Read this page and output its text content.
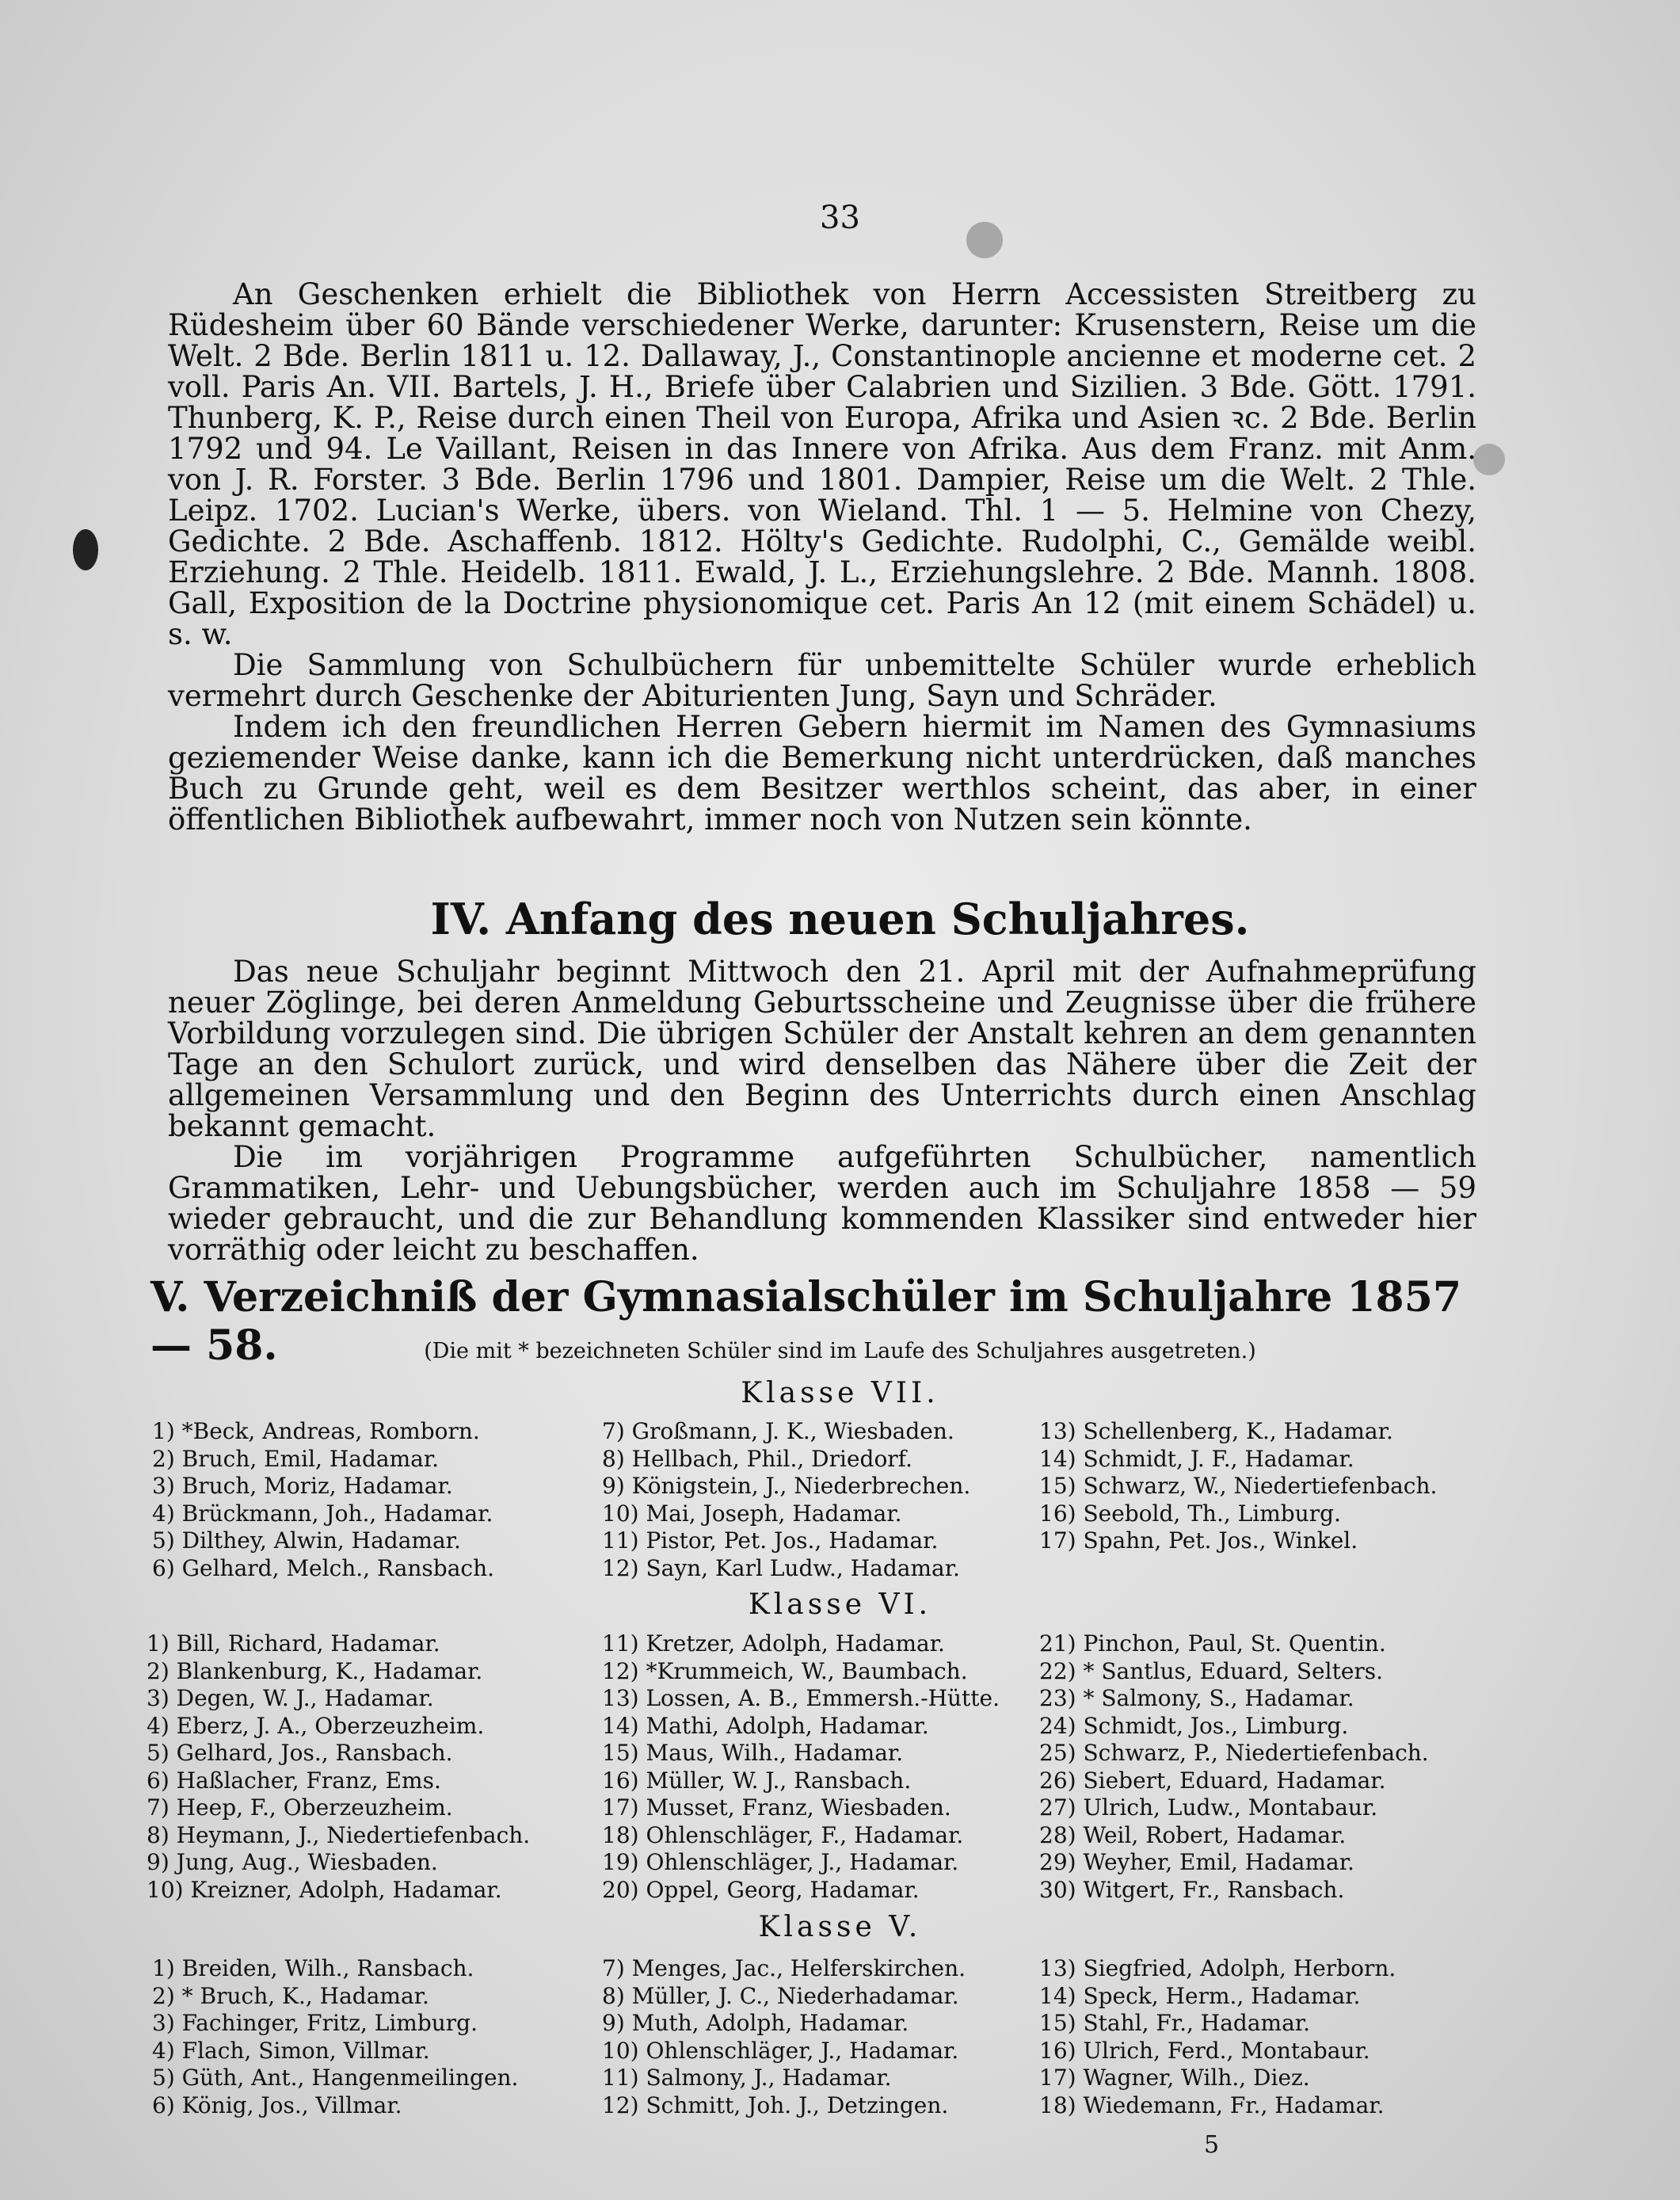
33

An Geschenken erhielt die Bibliothek von Herrn Accessisten Streitberg zu Rüdesheim über 60 Bände verschiedener Werke, darunter: Krusenstern, Reise um die Welt. 2 Bde. Berlin 1811 u. 12. Dallaway, J., Constantinople ancienne et moderne cet. 2 voll. Paris An. VII. Bartels, J. H., Briefe über Calabrien und Sizilien. 3 Bde. Gött. 1791. Thunberg, K. P., Reise durch einen Theil von Europa, Afrika und Asien ꝛc. 2 Bde. Berlin 1792 und 94. Le Vaillant, Reisen in das Innere von Afrika. Aus dem Franz. mit Anm. von J. R. Forster. 3 Bde. Berlin 1796 und 1801. Dampier, Reise um die Welt. 2 Thle. Leipz. 1702. Lucian's Werke, übers. von Wieland. Thl. 1 — 5. Helmine von Chezy, Gedichte. 2 Bde. Aschaffenb. 1812. Hölty's Gedichte. Rudolphi, C., Gemälde weibl. Erziehung. 2 Thle. Heidelb. 1811. Ewald, J. L., Erziehungslehre. 2 Bde. Mannh. 1808. Gall, Exposition de la Doctrine physionomique cet. Paris An 12 (mit einem Schädel) u. s. w.

Die Sammlung von Schulbüchern für unbemittelte Schüler wurde erheblich vermehrt durch Geschenke der Abiturienten Jung, Sayn und Schräder.

Indem ich den freundlichen Herren Gebern hiermit im Namen des Gymnasiums geziemender Weise danke, kann ich die Bemerkung nicht unterdrücken, daß manches Buch zu Grunde geht, weil es dem Besitzer werthlos scheint, das aber, in einer öffentlichen Bibliothek aufbewahrt, immer noch von Nutzen sein könnte.

IV. Anfang des neuen Schuljahres.

Das neue Schuljahr beginnt Mittwoch den 21. April mit der Aufnahmeprüfung neuer Zöglinge, bei deren Anmeldung Geburtsscheine und Zeugnisse über die frühere Vorbildung vorzulegen sind. Die übrigen Schüler der Anstalt kehren an dem genannten Tage an den Schulort zurück, und wird denselben das Nähere über die Zeit der allgemeinen Versammlung und den Beginn des Unterrichts durch einen Anschlag bekannt gemacht.

Die im vorjährigen Programme aufgeführten Schulbücher, namentlich Grammatiken, Lehr- und Uebungsbücher, werden auch im Schuljahre 1858 — 59 wieder gebraucht, und die zur Behandlung kommenden Klassiker sind entweder hier vorräthig oder leicht zu beschaffen.

V. Verzeichniß der Gymnasialschüler im Schuljahre 1857 — 58.	(Die mit * bezeichneten Schüler sind im Laufe des Schuljahres ausgetreten.)
Klasse VII.
1) *Beck, Andreas, Romborn.
2) Bruch, Emil, Hadamar.
3) Bruch, Moriz, Hadamar.
4) Brückmann, Joh., Hadamar.
5) Dilthey, Alwin, Hadamar.
6) Gelhard, Melch., Ransbach.
7) Großmann, J. K., Wiesbaden.
8) Hellbach, Phil., Driedorf.
9) Königstein, J., Niederbrechen.
10) Mai, Joseph, Hadamar.
11) Pistor, Pet. Jos., Hadamar.
12) Sayn, Karl Ludw., Hadamar.
13) Schellenberg, K., Hadamar.
14) Schmidt, J. F., Hadamar.
15) Schwarz, W., Niedertiefenbach.
16) Seebold, Th., Limburg.
17) Spahn, Pet. Jos., Winkel.
Klasse VI.
1) Bill, Richard, Hadamar.
2) Blankenburg, K., Hadamar.
3) Degen, W. J., Hadamar.
4) Eberz, J. A., Oberzeuzheim.
5) Gelhard, Jos., Ransbach.
6) Haßlacher, Franz, Ems.
7) Heep, F., Oberzeuzheim.
8) Heymann, J., Niedertiefenbach.
9) Jung, Aug., Wiesbaden.
10) Kreizner, Adolph, Hadamar.
11) Kretzer, Adolph, Hadamar.
12) *Krummeich, W., Baumbach.
13) Lossen, A. B., Emmersh.-Hütte.
14) Mathi, Adolph, Hadamar.
15) Maus, Wilh., Hadamar.
16) Müller, W. J., Ransbach.
17) Musset, Franz, Wiesbaden.
18) Ohlenschläger, F., Hadamar.
19) Ohlenschläger, J., Hadamar.
20) Oppel, Georg, Hadamar.
21) Pinchon, Paul, St. Quentin.
22) * Santlus, Eduard, Selters.
23) * Salmony, S., Hadamar.
24) Schmidt, Jos., Limburg.
25) Schwarz, P., Niedertiefenbach.
26) Siebert, Eduard, Hadamar.
27) Ulrich, Ludw., Montabaur.
28) Weil, Robert, Hadamar.
29) Weyher, Emil, Hadamar.
30) Witgert, Fr., Ransbach.
Klasse V.
1) Breiden, Wilh., Ransbach.
2) * Bruch, K., Hadamar.
3) Fachinger, Fritz, Limburg.
4) Flach, Simon, Villmar.
5) Güth, Ant., Hangenmeilingen.
6) König, Jos., Villmar.
7) Menges, Jac., Helferskirchen.
8) Müller, J. C., Niederhadamar.
9) Muth, Adolph, Hadamar.
10) Ohlenschläger, J., Hadamar.
11) Salmony, J., Hadamar.
12) Schmitt, Joh. J., Detzingen.
13) Siegfried, Adolph, Herborn.
14) Speck, Herm., Hadamar.
15) Stahl, Fr., Hadamar.
16) Ulrich, Ferd., Montabaur.
17) Wagner, Wilh., Diez.
18) Wiedemann, Fr., Hadamar.
5
